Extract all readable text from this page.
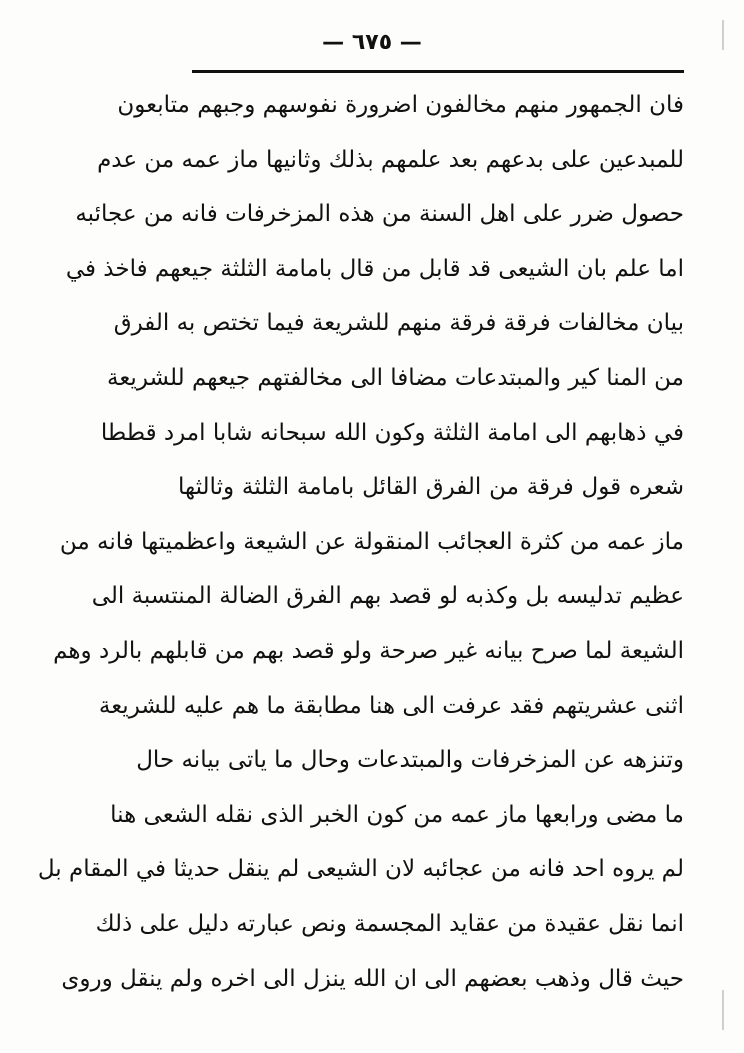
— ٦٧٥ —
فان الجمهور منهم مخالفون اضرورة نفوسهم وجبهم متابعون
للمبدعين على بدعهم بعد علمهم بذلك وثانيها ماز عمه من عدم
حصول ضرر على اهل السنة من هذه المزخرفات فانه من عجائبه
اما علم بان الشيعى قد قابل من قال بامامة الثلثة جيعهم فاخذ في
بيان مخالفات فرقة فرقة منهم للشريعة فيما تختص به الفرق
من المنا كير والمبتدعات مضافا الى مخالفتهم جيعهم للشريعة
في ذهابهم الى امامة الثلثة وكون الله سبحانه شابا امرد قططا
شعره قول فرقة من الفرق القائل بامامة الثلثة وثالثها
ماز عمه من كثرة العجائب المنقولة عن الشيعة واعظميتها فانه من
عظيم تدليسه بل وكذبه لو قصد بهم الفرق الضالة المنتسبة الى
الشيعة لما صرح بيانه غير صرحة ولو قصد بهم من قابلهم بالرد وهم
اثنى عشريتهم فقد عرفت الى هنا مطابقة ما هم عليه للشريعة
وتنزهه عن المزخرفات والمبتدعات وحال ما ياتى بيانه حال
ما مضى ورابعها ماز عمه من كون الخبر الذى نقله الشعى هنا
لم يروه احد فانه من عجائبه لان الشيعى لم ينقل حديثا في المقام بل
انما نقل عقيدة من عقايد المجسمة ونص عبارته دليل على ذلك
حيث قال وذهب بعضهم الى ان الله ينزل الى اخره ولم ينقل وروى
